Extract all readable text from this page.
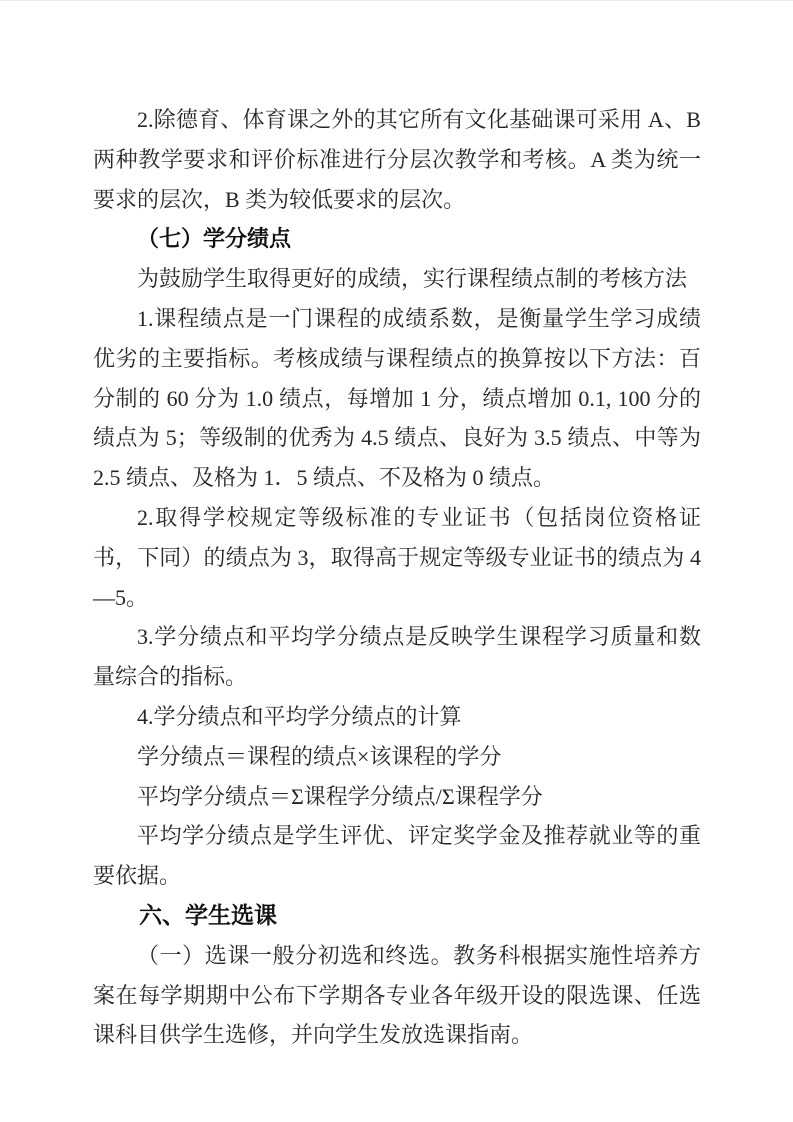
2.除德育、体育课之外的其它所有文化基础课可采用 A、B 两种教学要求和评价标准进行分层次教学和考核。A 类为统一要求的层次，B 类为较低要求的层次。

（七）学分绩点

为鼓励学生取得更好的成绩，实行课程绩点制的考核方法

1.课程绩点是一门课程的成绩系数，是衡量学生学习成绩优劣的主要指标。考核成绩与课程绩点的换算按以下方法：百分制的 60 分为 1.0 绩点，每增加 1 分，绩点增加 0.1, 100 分的绩点为 5；等级制的优秀为 4.5 绩点、良好为 3.5 绩点、中等为 2.5 绩点、及格为 1．5 绩点、不及格为 0 绩点。

2.取得学校规定等级标准的专业证书（包括岗位资格证书，下同）的绩点为 3，取得高于规定等级专业证书的绩点为 4—5。

3.学分绩点和平均学分绩点是反映学生课程学习质量和数量综合的指标。

4.学分绩点和平均学分绩点的计算

学分绩点＝课程的绩点×该课程的学分

平均学分绩点＝Σ课程学分绩点/Σ课程学分

平均学分绩点是学生评优、评定奖学金及推荐就业等的重要依据。

六、学生选课

（一）选课一般分初选和终选。教务科根据实施性培养方案在每学期期中公布下学期各专业各年级开设的限选课、任选课科目供学生选修，并向学生发放选课指南。
